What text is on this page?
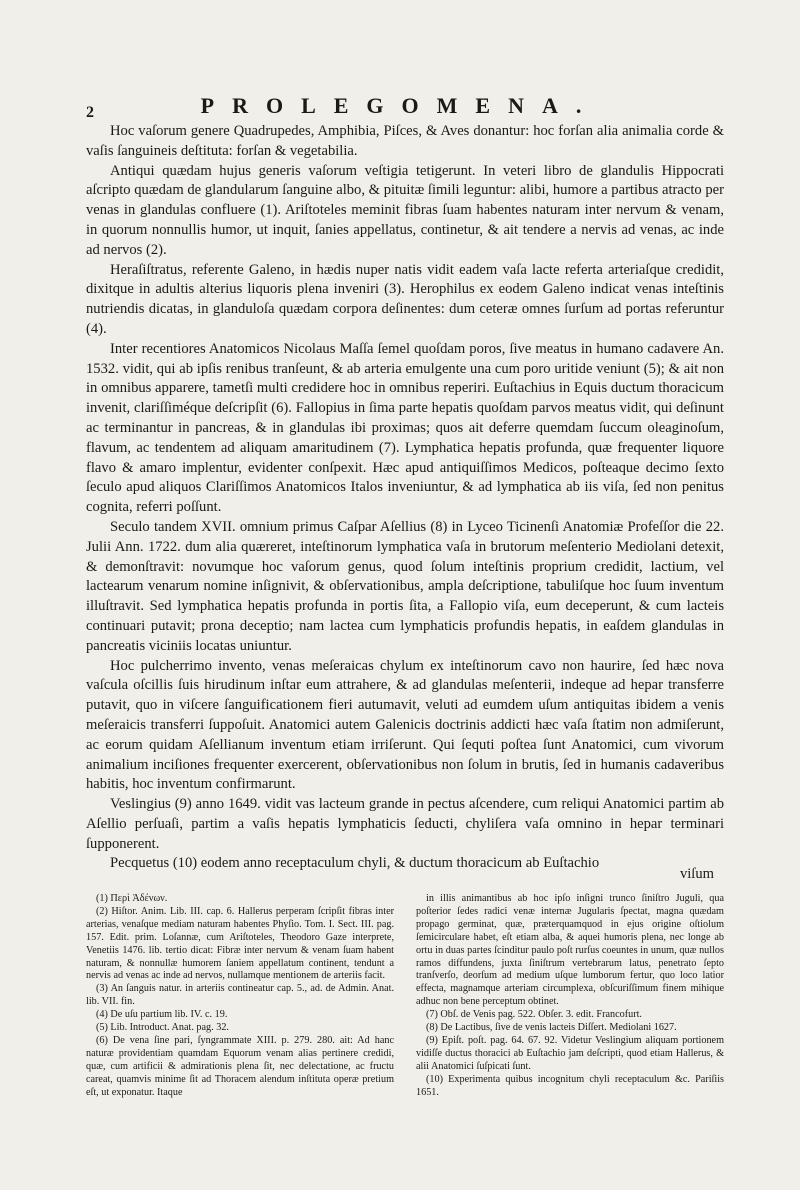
2	PROLEGOMENA.

Hoc vaſorum genere Quadrupedes, Amphibia, Piſces, & Aves donantur: hoc forſan alia animalia corde & vaſis ſanguineis deſtituta: forſan & vegetabilia.

Antiqui quædam hujus generis vaſorum veſtigia tetigerunt. In veteri libro de glandulis Hippocrati aſcripto quædam de glandularum ſanguine albo, & pituitæ ſimili leguntur: alibi, humore a partibus atracto per venas in glandulas confluere (1). Ariſtoteles meminit fibras ſuam habentes naturam inter nervum & venam, in quorum nonnullis humor, ut inquit, ſanies appellatus, continetur, & ait tendere a nervis ad venas, ac inde ad nervos (2).

Heraſiſtratus, referente Galeno, in hædis nuper natis vidit eadem vaſa lacte referta arteriaſque credidit, dixitque in adultis alterius liquoris plena inveniri (3). Herophilus ex eodem Galeno indicat venas inteſtinis nutriendis dicatas, in glanduloſa quædam corpora deſinentes: dum ceteræ omnes ſurſum ad portas referuntur (4).

Inter recentiores Anatomicos Nicolaus Maſſa ſemel quoſdam poros, ſive meatus in humano cadavere An. 1532. vidit, qui ab ipſis renibus tranſeunt, & ab arteria emulgente una cum poro uritide veniunt (5); & ait non in omnibus apparere, tametſi multi credidere hoc in omnibus reperiri. Euſtachius in Equis ductum thoracicum invenit, clariſſiméque deſcripſit (6). Fallopius in ſima parte hepatis quoſdam parvos meatus vidit, qui deſinunt ac terminantur in pancreas, & in glandulas ibi proximas; quos ait deferre quemdam ſuccum oleaginoſum, flavum, ac tendentem ad aliquam amaritudinem (7). Lymphatica hepatis profunda, quæ frequenter liquore flavo & amaro implentur, evidenter conſpexit. Hæc apud antiquiſſimos Medicos, poſteaque decimo ſexto ſeculo apud aliquos Clariſſimos Anatomicos Italos inveniuntur, & ad lymphatica ab iis viſa, ſed non penitus cognita, referri poſſunt.

Seculo tandem XVII. omnium primus Caſpar Aſellius (8) in Lyceo Ticinenſi Anatomiæ Profeſſor die 22. Julii Ann. 1722. dum alia quæreret, inteſtinorum lymphatica vaſa in brutorum meſenterio Mediolani detexit, & demonſtravit: novumque hoc vaſorum genus, quod ſolum inteſtinis proprium credidit, lactium, vel lactearum venarum nomine inſignivit, & obſervationibus, ampla deſcriptione, tabuliſque hoc ſuum inventum illuſtravit. Sed lymphatica hepatis profunda in portis ſita, a Fallopio viſa, eum deceperunt, & cum lacteis continuari putavit; prona deceptio; nam lactea cum lymphaticis profundis hepatis, in eaſdem glandulas in pancreatis viciniis locatas uniuntur.

Hoc pulcherrimo invento, venas meſeraicas chylum ex inteſtinorum cavo non haurire, ſed hæc nova vaſcula oſcillis ſuis hirudinum inſtar eum attrahere, & ad glandulas meſenterii, indeque ad hepar transferre putavit, quo in viſcere ſanguificationem fieri autumavit, veluti ad eumdem uſum antiquitas ibidem a venis meſeraicis transferri ſuppoſuit. Anatomici autem Galenicis doctrinis addicti hæc vaſa ſtatim non admiſerunt, ac eorum quidam Aſellianum inventum etiam irriſerunt. Qui ſequti poſtea ſunt Anatomici, cum vivorum animalium inciſiones frequenter exercerent, obſervationibus non ſolum in brutis, ſed in humanis cadaveribus habitis, hoc inventum confirmarunt.

Veslingius (9) anno 1649. vidit vas lacteum grande in pectus aſcendere, cum reliqui Anatomici partim ab Aſellio perſuaſi, partim a vaſis hepatis lymphaticis ſeducti, chyliſera vaſa omnino in hepar terminari ſupponerent.

Pecquetus (10) eodem anno receptaculum chyli, & ductum thoracicum ab Euſtachio

viſum

(1) Περὶ Ἀδένων.

(2) Hiſtor. Anim. Lib. III. cap. 6. Hallerus perperam ſcripſit fibras inter arterias, venaſque mediam naturam habentes Phyſio. Tom. I. Sect. III. pag. 157. Edit. prim. Loſannæ, cum Ariſtoteles, Theodoro Gaze interprete, Venetiis 1476. lib. tertio dicat: Fibræ inter nervum & venam ſuam habent naturam, & nonnullæ humorem ſaniem appellatum continent, tendunt a nervis ad venas ac inde ad nervos, nullamque mentionem de arteriis facit.

(3) An ſanguis natur. in arteriis contineatur cap. 5., ad. de Admin. Anat. lib. VII. fin.

(4) De uſu partium lib. IV. c. 19.

(5) Lib. Introduct. Anat. pag. 32.

(6) De vena ſine pari, ſyngrammate XIII. p. 279. 280. ait: Ad hanc naturæ providentiam quamdam Equorum venam alias pertinere credidi, quæ, cum artificii & admirationis plena ſit, nec delectatione, ac fructu careat, quamvis minime ſit ad Thoracem alendum inſtituta operæ pretium eſt, ut exponatur. Itaque

in illis animantibus ab hoc ipſo inſigni trunco ſiniſtro Juguli, qua poſterior ſedes radici venæ internæ Jugularis ſpectat, magna quædam propago germinat, quæ, præterquamquod in ejus origine oſtiolum ſemicirculare habet, eſt etiam alba, & aquei humoris plena, nec longe ab ortu in duas partes ſcinditur paulo poſt rurſus coeuntes in unum, quæ nullos ramos diffundens, juxta ſiniſtrum vertebrarum latus, penetrato ſepto tranſverſo, deorſum ad medium uſque lumborum fertur, quo loco latior effecta, magnamque arteriam circumplexa, obſcuriſſimum finem mihique adhuc non bene perceptum obtinet.

(7) Obſ. de Venis pag. 522. Obſer. 3. edit. Francofurt.

(8) De Lactibus, ſive de venis lacteis Diſſert. Mediolani 1627.

(9) Epiſt. poſt. pag. 64. 67. 92. Videtur Veslingium aliquam portionem vidiſſe ductus thoracici ab Euſtachio jam deſcripti, quod etiam Hallerus, & alii Anatomici ſuſpicati ſunt.

(10) Experimenta quibus incognitum chyli receptaculum &c. Pariſiis 1651.
